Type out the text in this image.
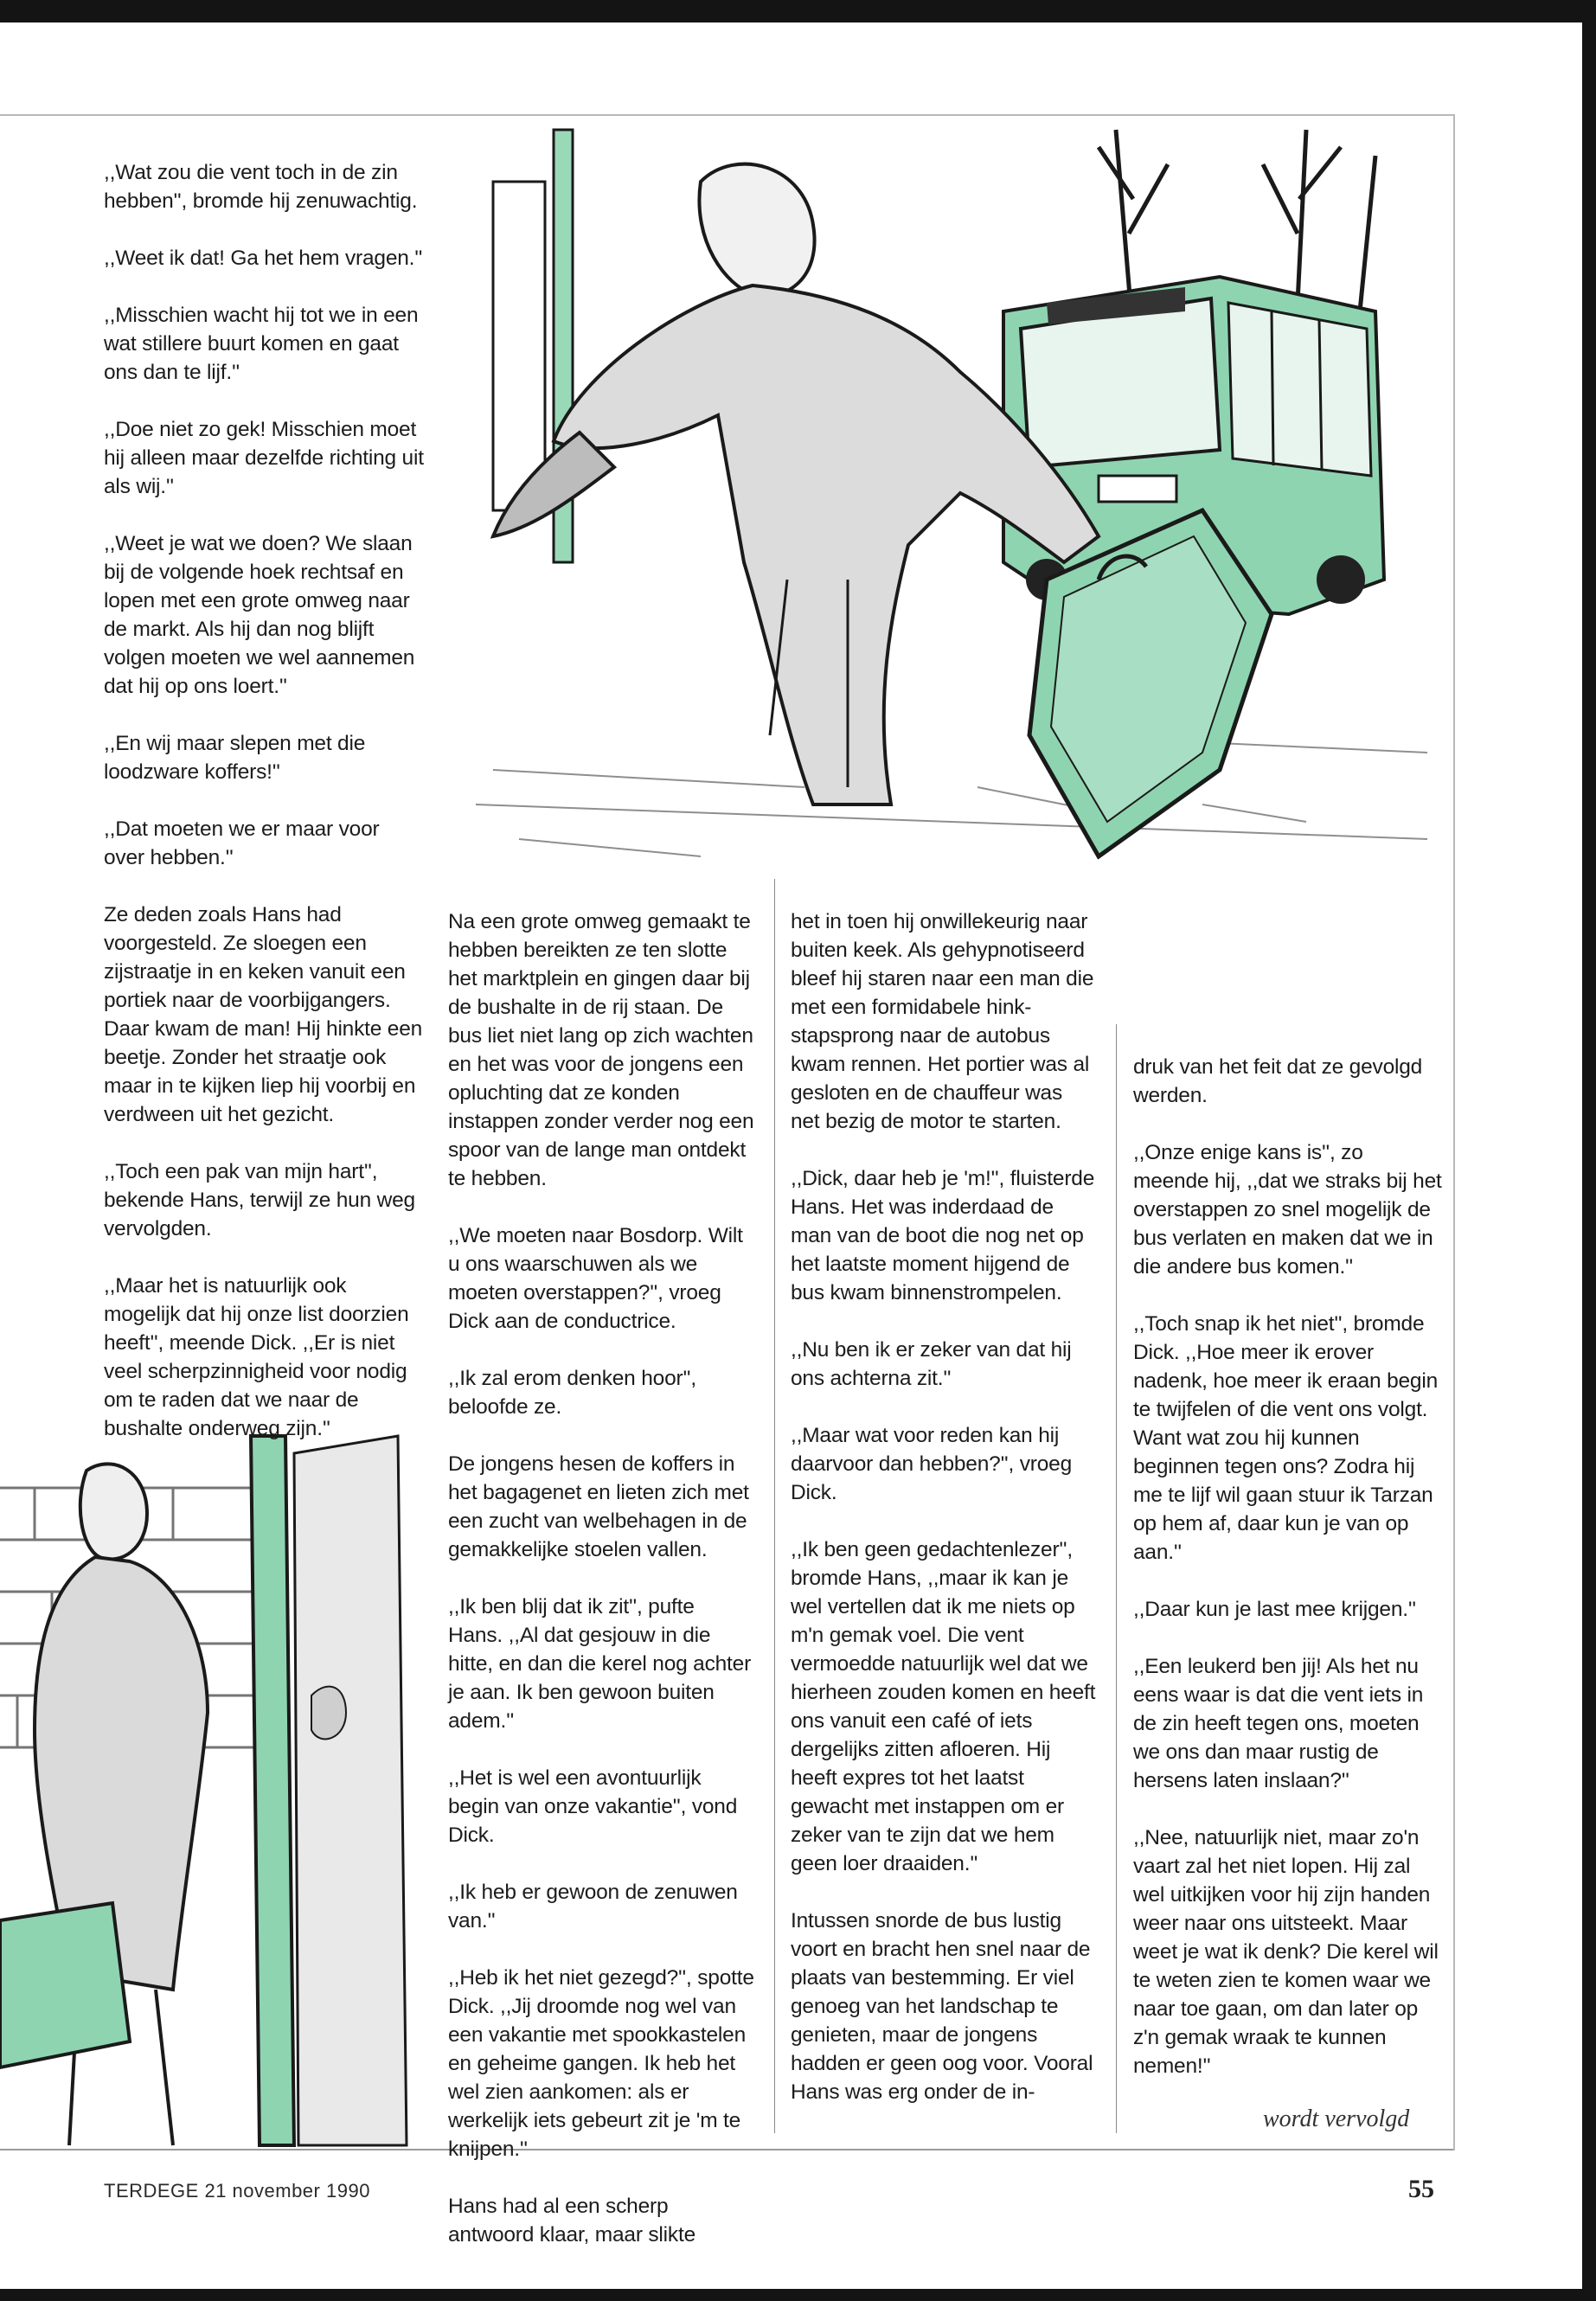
,,Wat zou die vent toch in de zin hebben'', bromde hij zenuwachtig.

,,Weet ik dat! Ga het hem vragen.''

,,Misschien wacht hij tot we in een wat stillere buurt komen en gaat ons dan te lijf.''

,,Doe niet zo gek! Misschien moet hij alleen maar dezelfde richting uit als wij.''

,,Weet je wat we doen? We slaan bij de volgende hoek rechtsaf en lopen met een grote omweg naar de markt. Als hij dan nog blijft volgen moeten we wel aannemen dat hij op ons loert.''

,,En wij maar slepen met die loodzware koffers!''

,,Dat moeten we er maar voor over hebben.''

Ze deden zoals Hans had voorgesteld. Ze sloegen een zijstraatje in en keken vanuit een portiek naar de voorbijgangers. Daar kwam de man! Hij hinkte een beetje. Zonder het straatje ook maar in te kijken liep hij voorbij en verdween uit het gezicht.

,,Toch een pak van mijn hart'', bekende Hans, terwijl ze hun weg vervolgden.

,,Maar het is natuurlijk ook mogelijk dat hij onze list doorzien heeft'', meende Dick. ,,Er is niet veel scherpzinnigheid voor nodig om te raden dat we naar de bushalte onderweg zijn.''

Na een grote omweg gemaakt te hebben bereikten ze ten slotte het marktplein en gingen daar bij de bushalte in de rij staan. De bus liet niet lang op zich wachten en het was voor de jongens een opluchting dat ze konden instappen zonder verder nog een spoor van de lange man ontdekt te hebben.

,,We moeten naar Bosdorp. Wilt u ons waarschuwen als we moeten overstappen?'', vroeg Dick aan de conductrice.

,,Ik zal erom denken hoor'', beloofde ze.

De jongens hesen de koffers in het bagagenet en lieten zich met een zucht van welbehagen in de gemakkelijke stoelen vallen.

,,Ik ben blij dat ik zit'', pufte Hans. ,,Al dat gesjouw in die hitte, en dan die kerel nog achter je aan. Ik ben gewoon buiten adem.''

,,Het is wel een avontuurlijk begin van onze vakantie'', vond Dick.

,,Ik heb er gewoon de zenuwen van.''

,,Heb ik het niet gezegd?'', spotte Dick. ,,Jij droomde nog wel van een vakantie met spookkastelen en geheime gangen. Ik heb het wel zien aankomen: als er werkelijk iets gebeurt zit je 'm te knijpen.''

Hans had al een scherp antwoord klaar, maar slikte

het in toen hij onwillekeurig naar buiten keek. Als gehypnotiseerd bleef hij staren naar een man die met een formidabele hink-stapsprong naar de autobus kwam rennen. Het portier was al gesloten en de chauffeur was net bezig de motor te starten.

,,Dick, daar heb je 'm!'', fluisterde Hans. Het was inderdaad de man van de boot die nog net op het laatste moment hijgend de bus kwam binnenstrompelen.

,,Nu ben ik er zeker van dat hij ons achterna zit.''

,,Maar wat voor reden kan hij daarvoor dan hebben?'', vroeg Dick.

,,Ik ben geen gedachtenlezer'', bromde Hans, ,,maar ik kan je wel vertellen dat ik me niets op m'n gemak voel. Die vent vermoedde natuurlijk wel dat we hierheen zouden komen en heeft ons vanuit een café of iets dergelijks zitten afloeren. Hij heeft expres tot het laatst gewacht met instappen om er zeker van te zijn dat we hem geen loer draaiden.''

Intussen snorde de bus lustig voort en bracht hen snel naar de plaats van bestemming. Er viel genoeg van het landschap te genieten, maar de jongens hadden er geen oog voor. Vooral Hans was erg onder de in-

druk van het feit dat ze gevolgd werden.

,,Onze enige kans is'', zo meende hij, ,,dat we straks bij het overstappen zo snel mogelijk de bus verlaten en maken dat we in die andere bus komen.''

,,Toch snap ik het niet'', bromde Dick. ,,Hoe meer ik erover nadenk, hoe meer ik eraan begin te twijfelen of die vent ons volgt. Want wat zou hij kunnen beginnen tegen ons? Zodra hij me te lijf wil gaan stuur ik Tarzan op hem af, daar kun je van op aan.''

,,Daar kun je last mee krijgen.''

,,Een leukerd ben jij! Als het nu eens waar is dat die vent iets in de zin heeft tegen ons, moeten we ons dan maar rustig de hersens laten inslaan?''

,,Nee, natuurlijk niet, maar zo'n vaart zal het niet lopen. Hij zal wel uitkijken voor hij zijn handen weer naar ons uitsteekt. Maar weet je wat ik denk? Die kerel wil te weten zien te komen waar we naar toe gaan, om dan later op z'n gemak wraak te kunnen nemen!''

wordt vervolgd
TERDEGE 21 november 1990	55
